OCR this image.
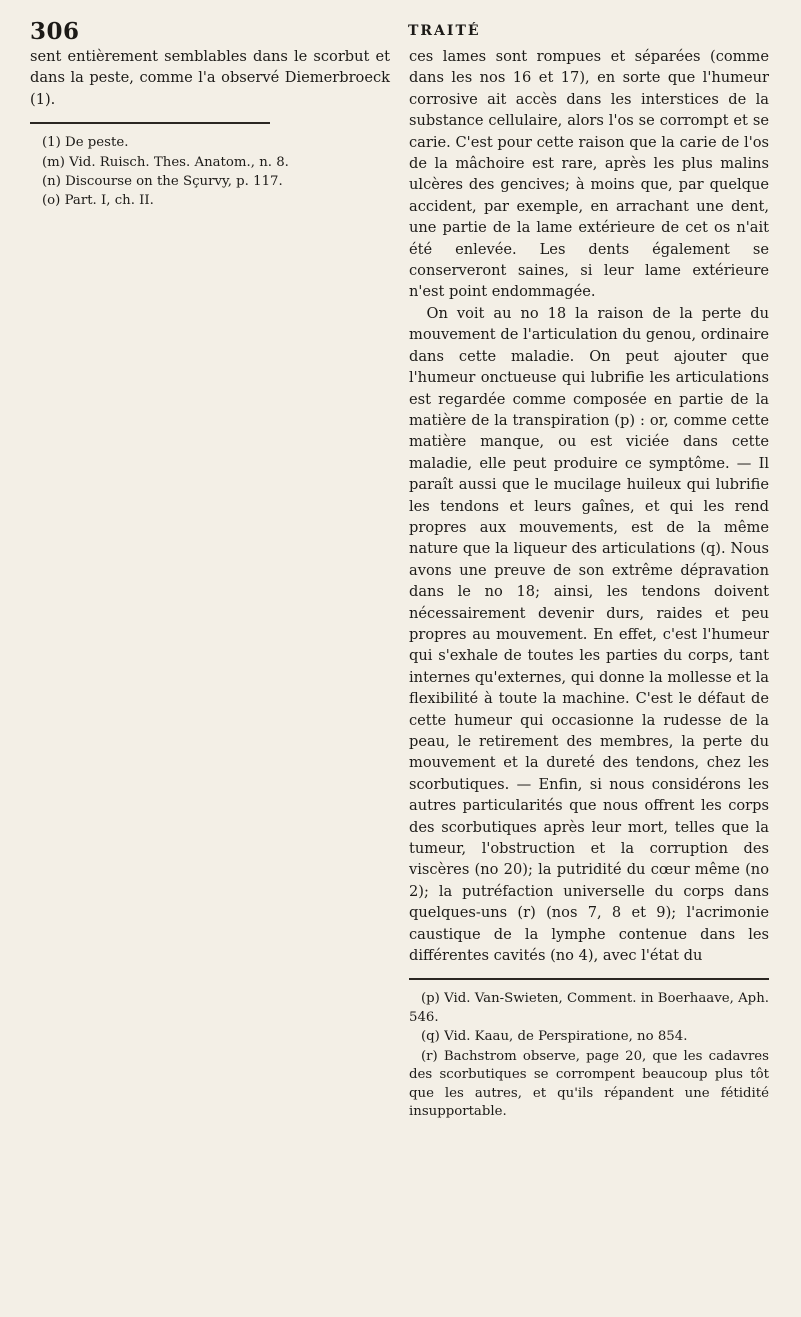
306	TRAITÉ

sent entièrement semblables dans le scorbut et dans la peste, comme l'a observé Diemerbroeck (1).

(1) De peste.
(m) Vid. Ruisch. Thes. Anatom., n. 8.
(n) Discourse on the Sçurvy, p. 117.
(o) Part. I, ch. II.

ces lames sont rompues et séparées (comme dans les nos 16 et 17), en sorte que l'humeur corrosive ait accès dans les interstices de la substance cellulaire, alors l'os se corrompt et se carie. C'est pour cette raison que la carie de l'os de la mâchoire est rare, après les plus malins ulcères des gencives; à moins que, par quelque accident, par exemple, en arrachant une dent, une partie de la lame extérieure de cet os n'ait été enlevée. Les dents également se conserveront saines, si leur lame extérieure n'est point endommagée.

On voit au no 18 la raison de la perte du mouvement de l'articulation du genou, ordinaire dans cette maladie. On peut ajouter que l'humeur onctueuse qui lubrifie les articulations est regardée comme composée en partie de la matière de la transpiration (p) : or, comme cette matière manque, ou est viciée dans cette maladie, elle peut produire ce symptôme. — Il paraît aussi que le mucilage huileux qui lubrifie les tendons et leurs gaînes, et qui les rend propres aux mouvements, est de la même nature que la liqueur des articulations (q). Nous avons une preuve de son extrême dépravation dans le no 18; ainsi, les tendons doivent nécessairement devenir durs, raides et peu propres au mouvement. En effet, c'est l'humeur qui s'exhale de toutes les parties du corps, tant internes qu'externes, qui donne la mollesse et la flexibilité à toute la machine. C'est le défaut de cette humeur qui occasionne la rudesse de la peau, le retirement des membres, la perte du mouvement et la dureté des tendons, chez les scorbutiques. — Enfin, si nous considérons les autres particularités que nous offrent les corps des scorbutiques après leur mort, telles que la tumeur, l'obstruction et la corruption des viscères (no 20); la putridité du cœur même (no 2); la putréfaction universelle du corps dans quelques-uns (r) (nos 7, 8 et 9); l'acrimonie caustique de la lymphe contenue dans les différentes cavités (no 4), avec l'état du

(p) Vid. Van-Swieten, Comment. in Boerhaave, Aph. 546.
(q) Vid. Kaau, de Perspiratione, no 854.
(r) Bachstrom observe, page 20, que les cadavres des scorbutiques se corrompent beaucoup plus tôt que les autres, et qu'ils répandent une fétidité insupportable.
